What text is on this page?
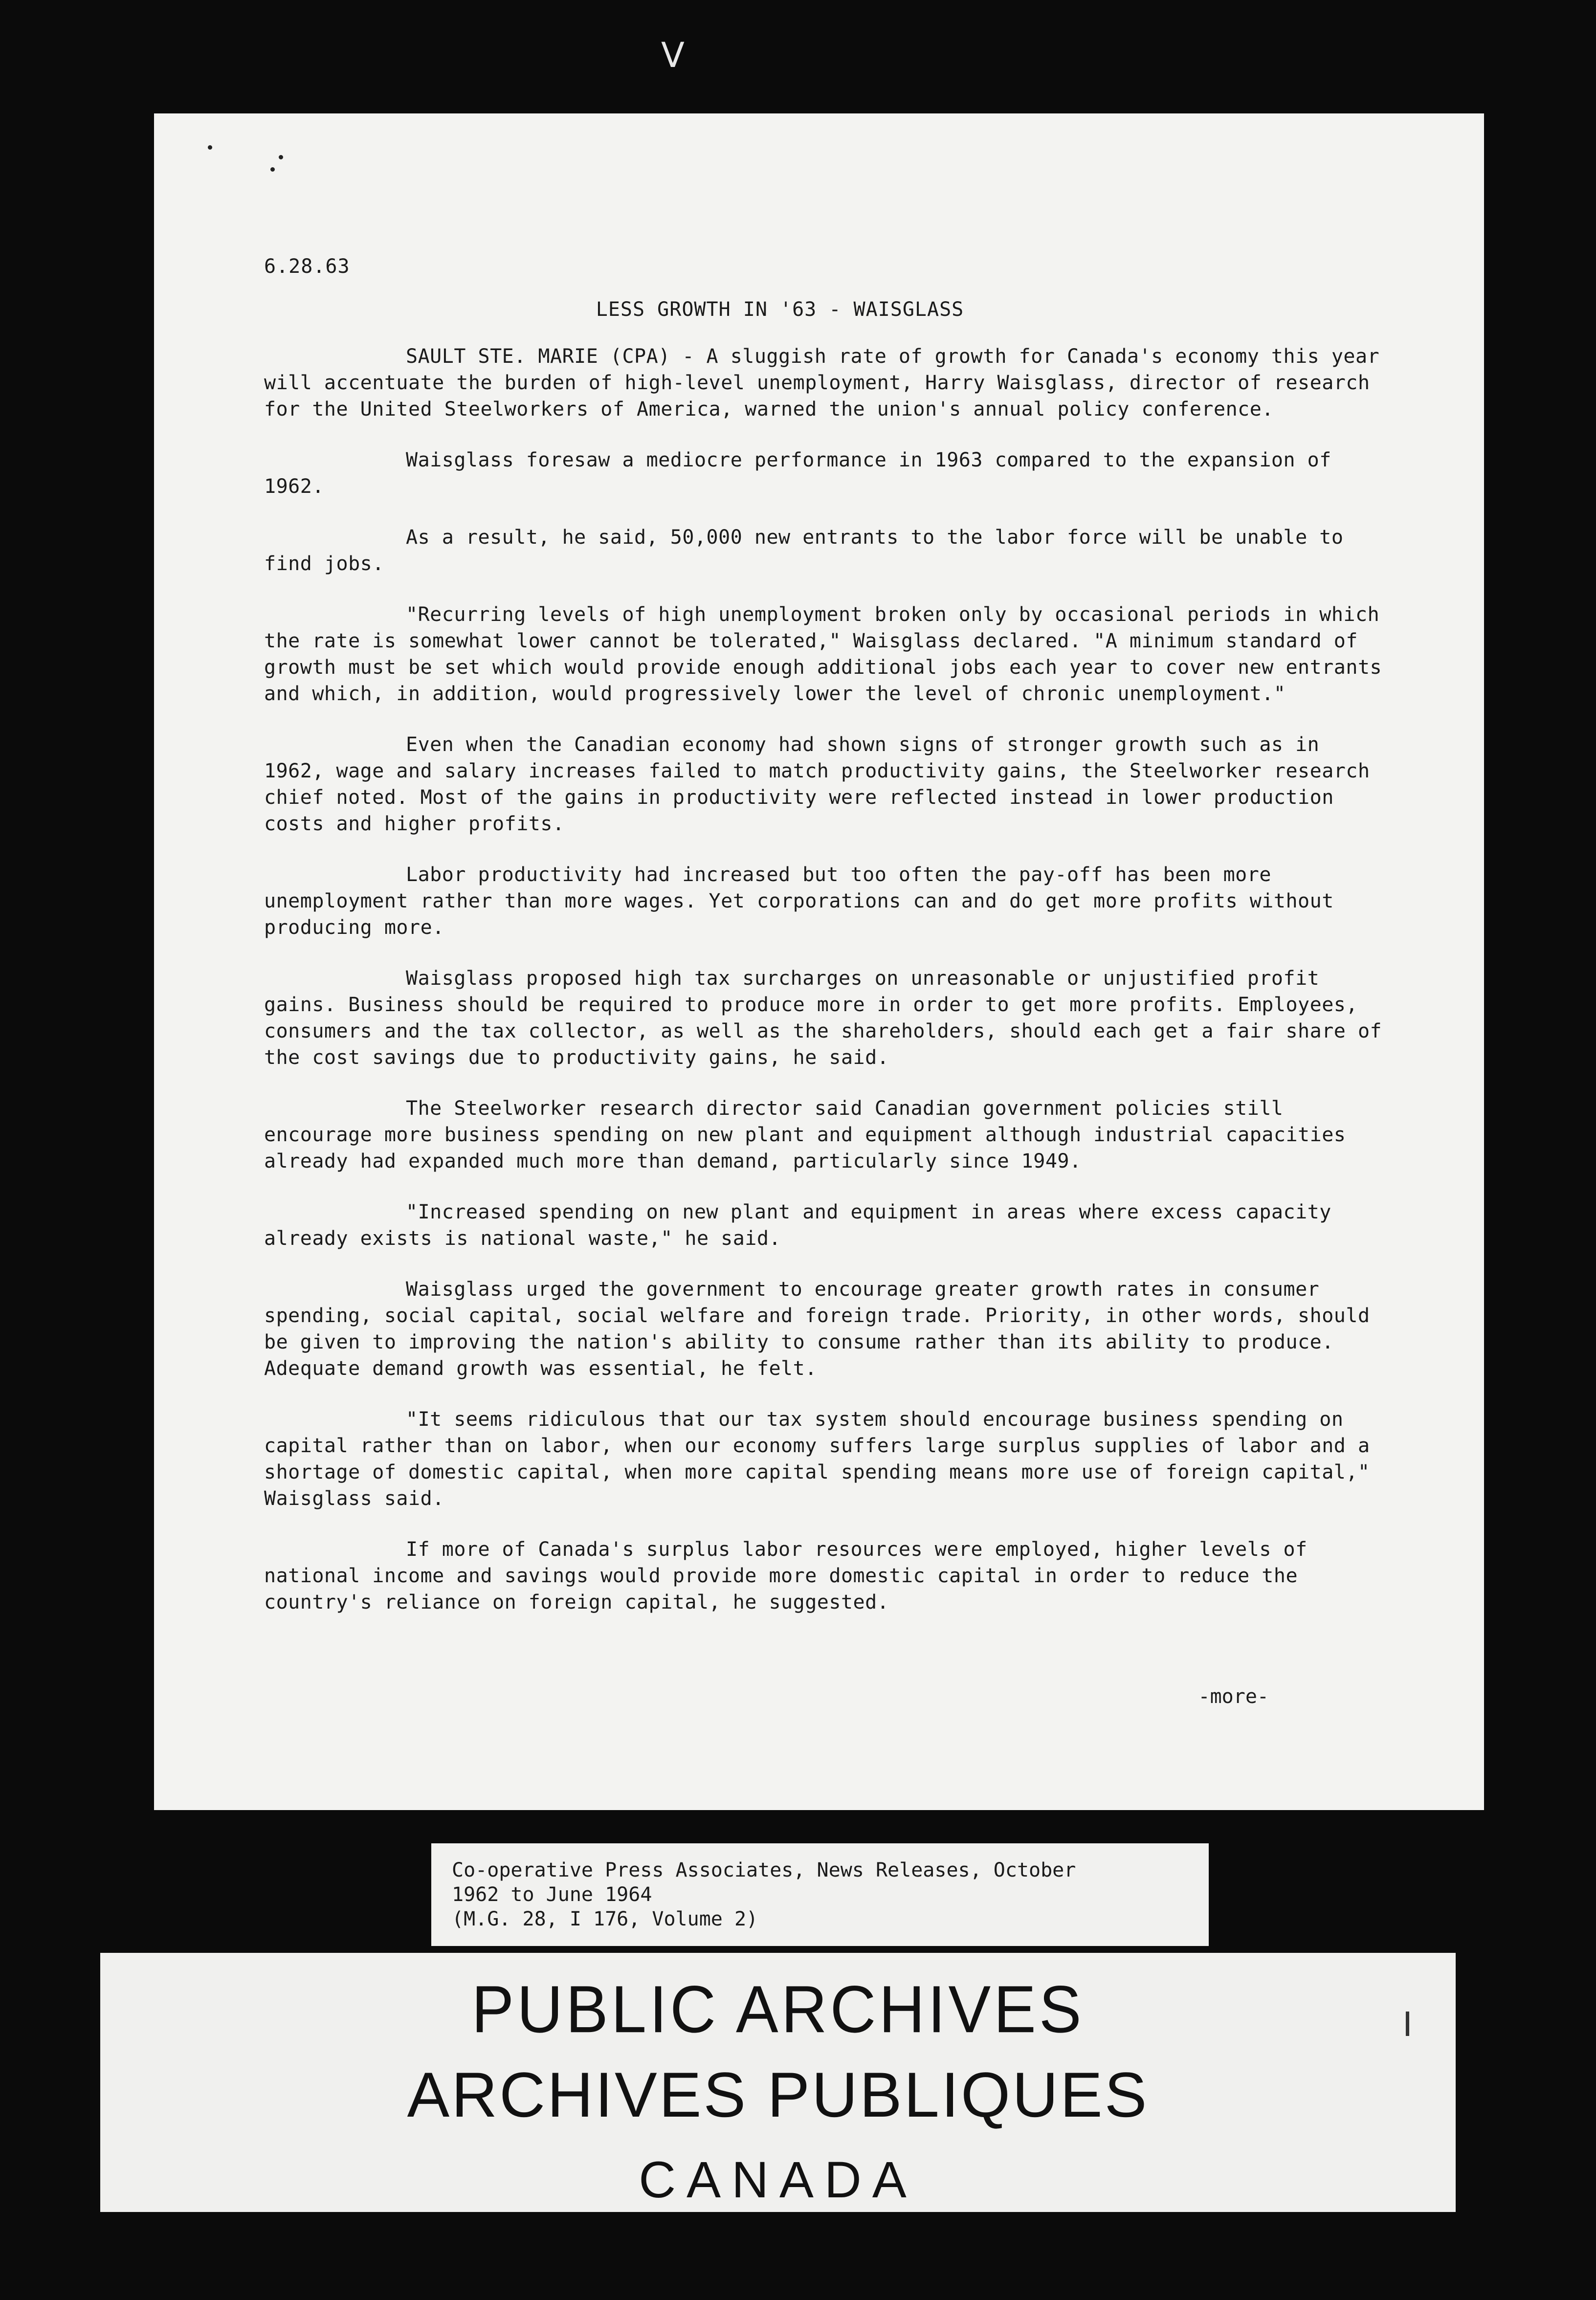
V
6.28.63
LESS GROWTH IN '63 - WAISGLASS

SAULT STE. MARIE (CPA) - A sluggish rate of growth for Canada's economy this year will accentuate the burden of high-level unemployment, Harry Waisglass, director of research for the United Steelworkers of America, warned the union's annual policy conference.

Waisglass foresaw a mediocre performance in 1963 compared to the expansion of 1962.

As a result, he said, 50,000 new entrants to the labor force will be unable to find jobs.

"Recurring levels of high unemployment broken only by occasional periods in which the rate is somewhat lower cannot be tolerated," Waisglass declared. "A minimum standard of growth must be set which would provide enough additional jobs each year to cover new entrants and which, in addition, would progressively lower the level of chronic unemployment."

Even when the Canadian economy had shown signs of stronger growth such as in 1962, wage and salary increases failed to match productivity gains, the Steelworker research chief noted. Most of the gains in productivity were reflected instead in lower production costs and higher profits.

Labor productivity had increased but too often the pay-off has been more unemployment rather than more wages. Yet corporations can and do get more profits without producing more.

Waisglass proposed high tax surcharges on unreasonable or unjustified profit gains. Business should be required to produce more in order to get more profits. Employees, consumers and the tax collector, as well as the shareholders, should each get a fair share of the cost savings due to productivity gains, he said.

The Steelworker research director said Canadian government policies still encourage more business spending on new plant and equipment although industrial capacities already had expanded much more than demand, particularly since 1949.

"Increased spending on new plant and equipment in areas where excess capacity already exists is national waste," he said.

Waisglass urged the government to encourage greater growth rates in consumer spending, social capital, social welfare and foreign trade. Priority, in other words, should be given to improving the nation's ability to consume rather than its ability to produce. Adequate demand growth was essential, he felt.

"It seems ridiculous that our tax system should encourage business spending on capital rather than on labor, when our economy suffers large surplus supplies of labor and a shortage of domestic capital, when more capital spending means more use of foreign capital," Waisglass said.

If more of Canada's surplus labor resources were employed, higher levels of national income and savings would provide more domestic capital in order to reduce the country's reliance on foreign capital, he suggested.

-more-
Co-operative Press Associates, News Releases, October
1962 to June 1964
(M.G. 28, I 176, Volume 2)
PUBLIC ARCHIVES
ARCHIVES PUBLIQUES
CANADA
